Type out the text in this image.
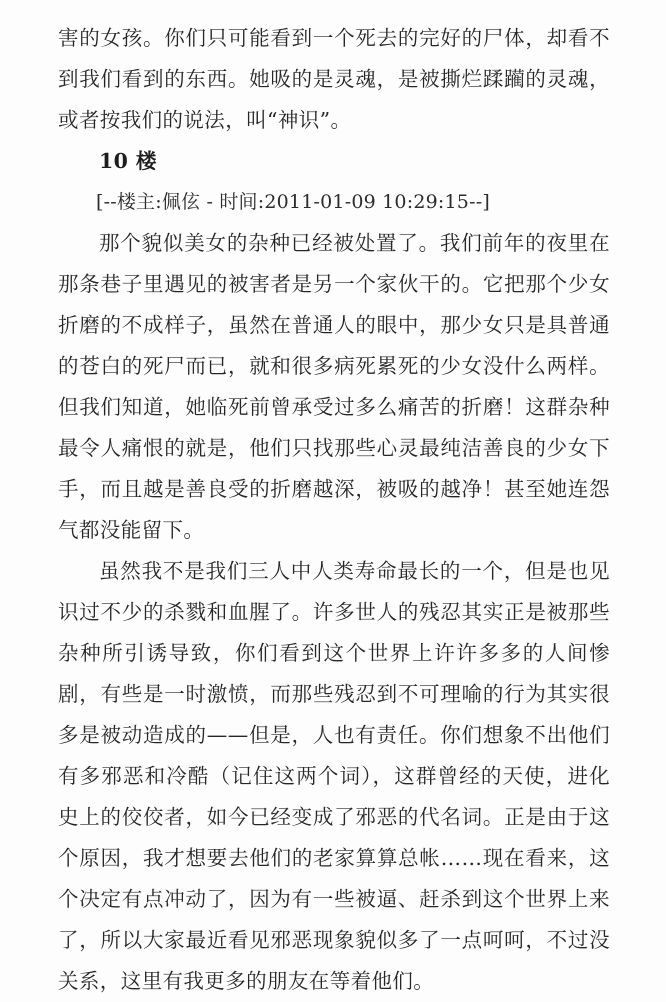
害的女孩。你们只可能看到一个死去的完好的尸体，却看不到我们看到的东西。她吸的是灵魂，是被撕烂蹂躏的灵魂，或者按我们的说法，叫“神识”。

10 楼

[--楼主:佩伭 - 时间:2011-01-09 10:29:15--]

那个貌似美女的杂种已经被处置了。我们前年的夜里在那条巷子里遇见的被害者是另一个家伙干的。它把那个少女折磨的不成样子，虽然在普通人的眼中，那少女只是具普通的苍白的死尸而已，就和很多病死累死的少女没什么两样。但我们知道，她临死前曾承受过多么痛苦的折磨！这群杂种最令人痛恨的就是，他们只找那些心灵最纯洁善良的少女下手，而且越是善良受的折磨越深，被吸的越净！甚至她连怨气都没能留下。

虽然我不是我们三人中人类寿命最长的一个，但是也见识过不少的杀戮和血腥了。许多世人的残忍其实正是被那些杂种所引诱导致，你们看到这个世界上许许多多的人间惨剧，有些是一时激愤，而那些残忍到不可理喻的行为其实很多是被动造成的——但是，人也有责任。你们想象不出他们有多邪恶和冷酷（记住这两个词），这群曾经的天使，进化史上的佼佼者，如今已经变成了邪恶的代名词。正是由于这个原因，我才想要去他们的老家算算总帐……现在看来，这个决定有点冲动了，因为有一些被逼、赶杀到这个世界上来了，所以大家最近看见邪恶现象貌似多了一点呵呵，不过没关系，这里有我更多的朋友在等着他们。
